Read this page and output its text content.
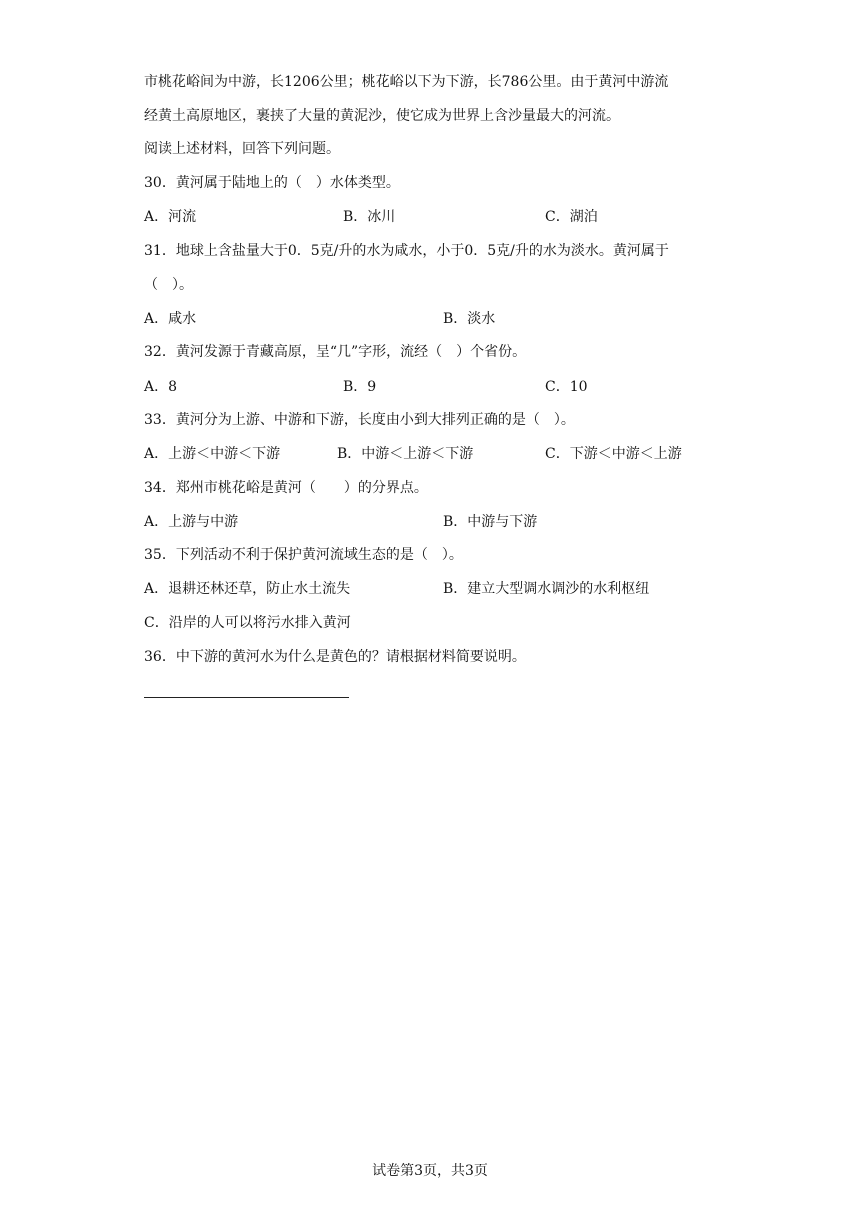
市桃花峪间为中游，长1206公里；桃花峪以下为下游，长786公里。由于黄河中游流
经黄土高原地区，裹挟了大量的黄泥沙，使它成为世界上含沙量最大的河流。
阅读上述材料，回答下列问题。
30．黄河属于陆地上的（　）水体类型。
A．河流	B．冰川	C．湖泊
31．地球上含盐量大于0．5克/升的水为咸水，小于0．5克/升的水为淡水。黄河属于
（　）。
A．咸水	B．淡水
32．黄河发源于青藏高原，呈“几”字形，流经（　）个省份。
A．8	B．9	C．10
33．黄河分为上游、中游和下游，长度由小到大排列正确的是（　）。
A．上游＜中游＜下游	B．中游＜上游＜下游	C．下游＜中游＜上游
34．郑州市桃花峪是黄河（　　）的分界点。
A．上游与中游	B．中游与下游
35．下列活动不利于保护黄河流域生态的是（　）。
A．退耕还林还草，防止水土流失	B．建立大型调水调沙的水利枢纽
C．沿岸的人可以将污水排入黄河
36．中下游的黄河水为什么是黄色的？请根据材料简要说明。
试卷第3页，共3页
